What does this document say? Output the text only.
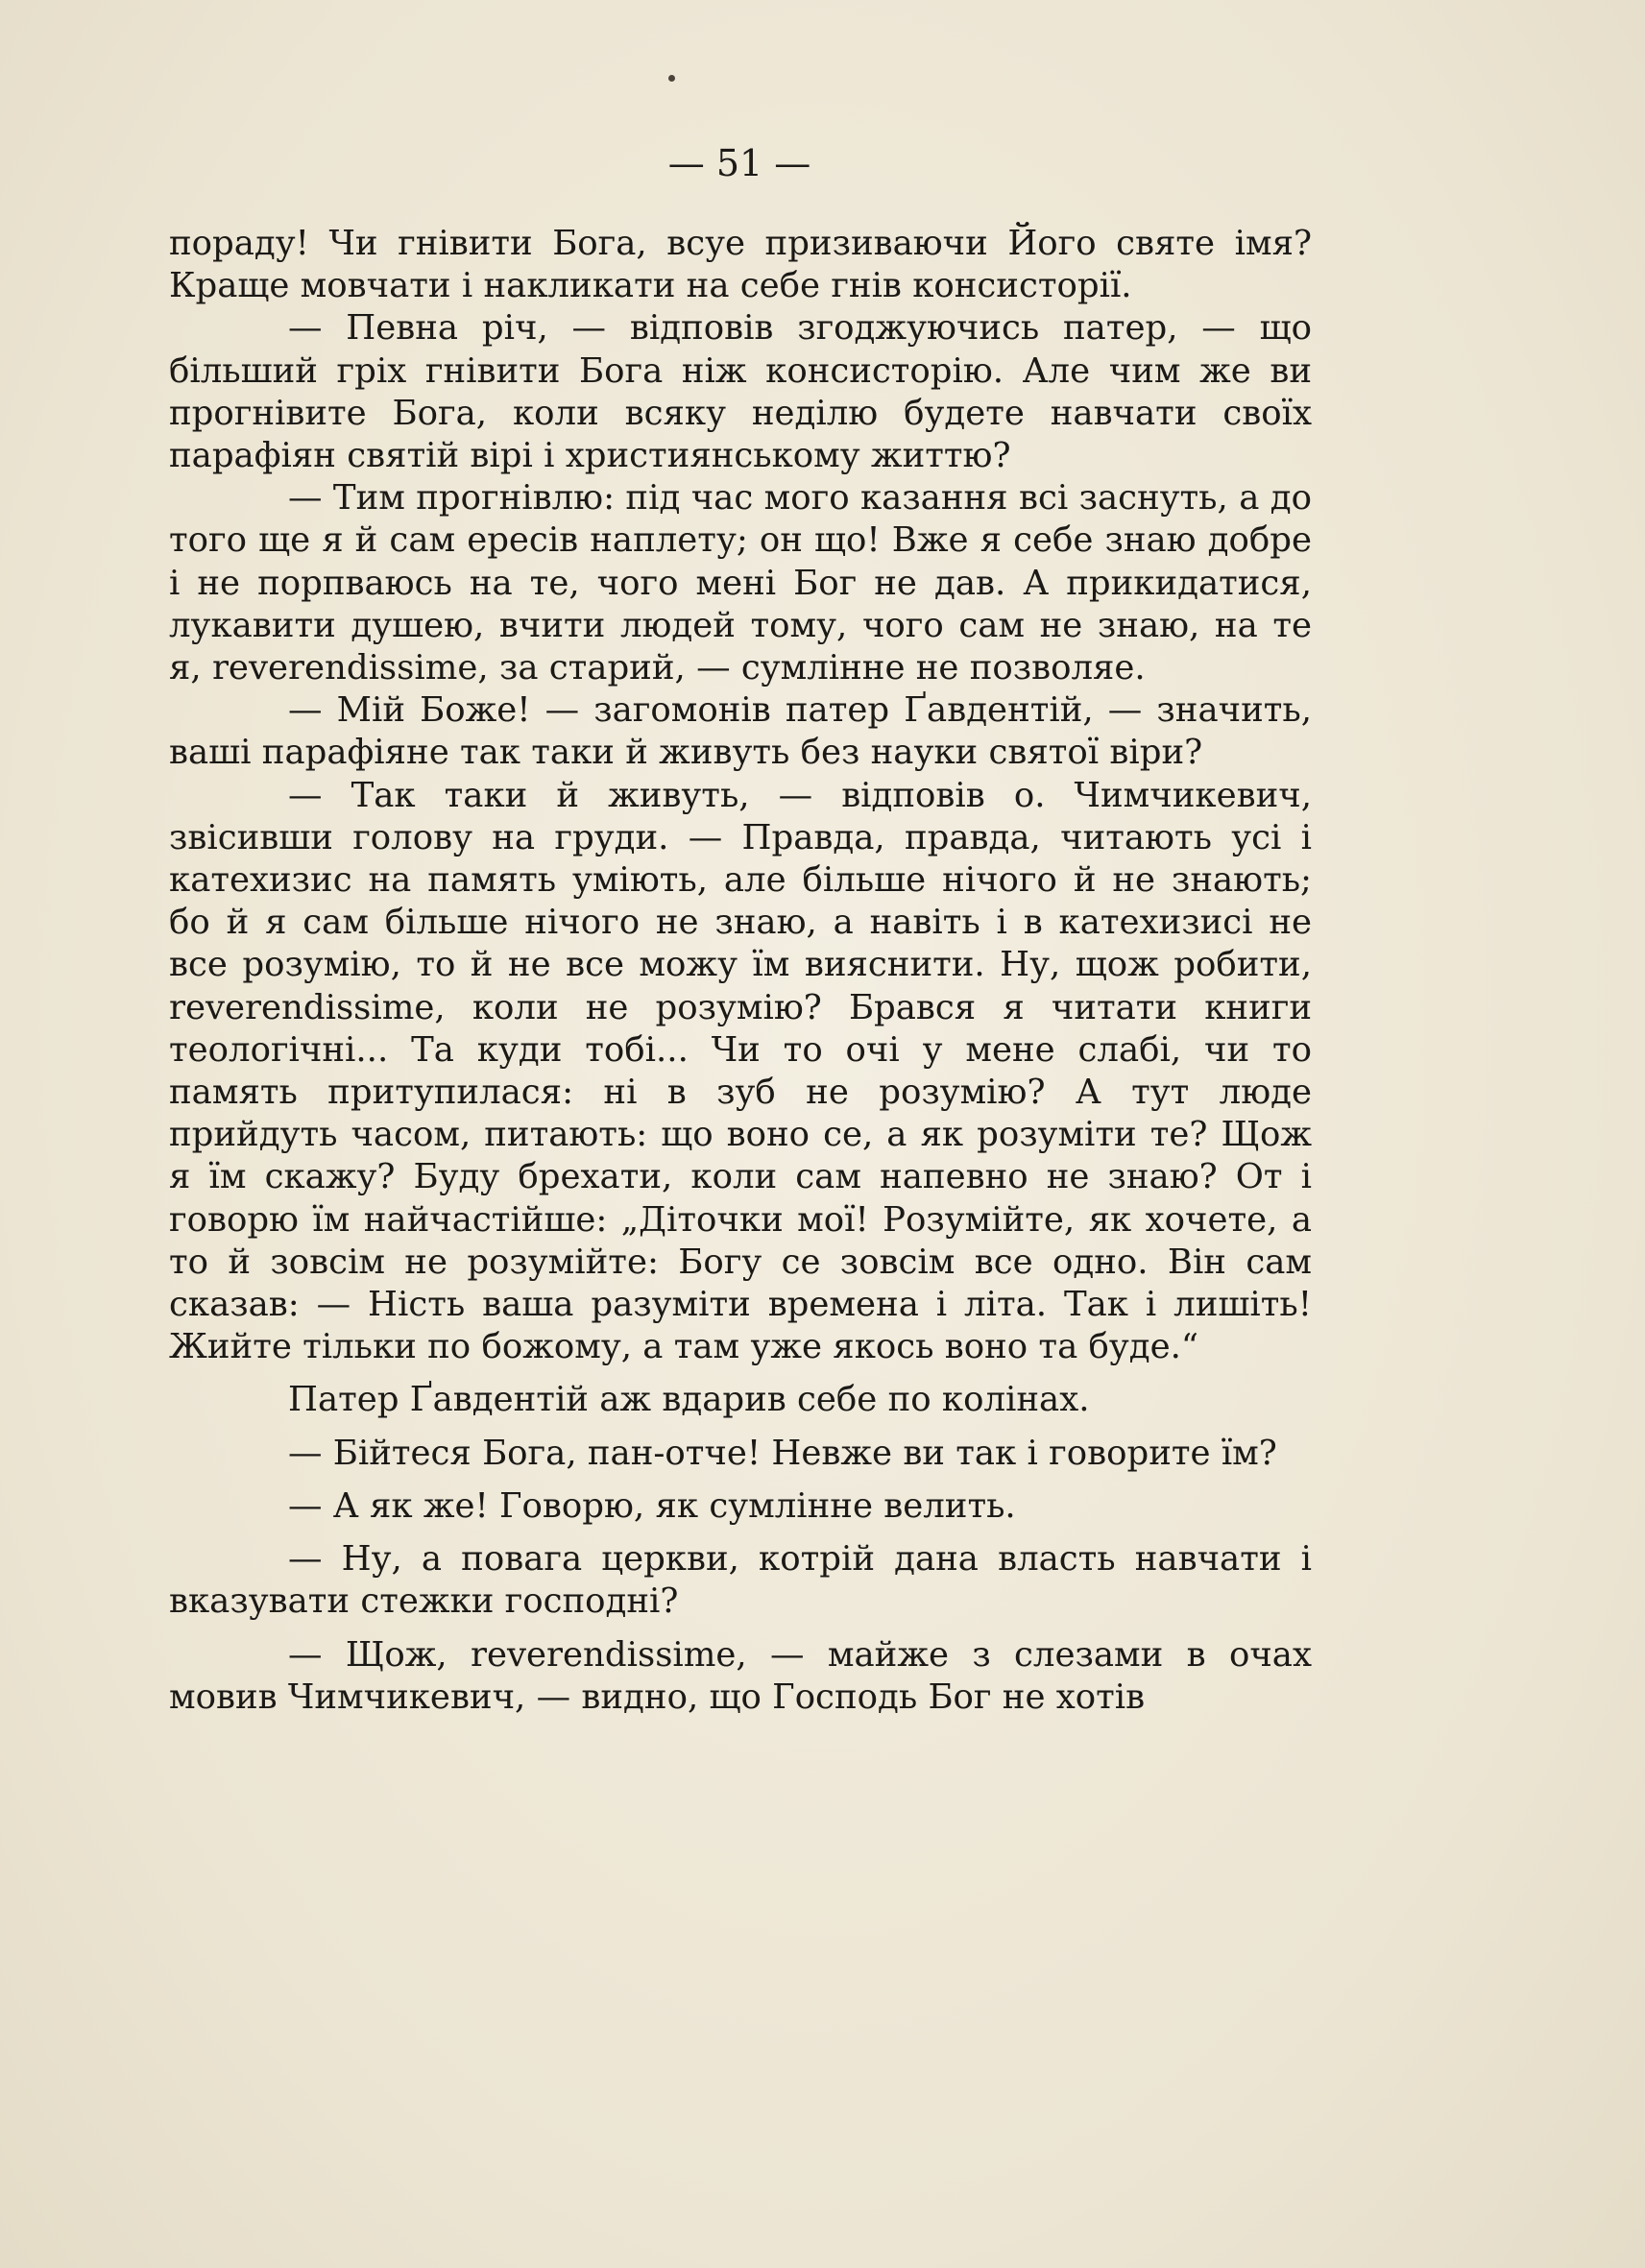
— 51 —

пораду! Чи гнівити Бога, всуе призиваючи Його святе імя? Краще мовчати і накликати на себе гнів консисторії.

— Певна річ, — відповів згоджуючись патер, — що більший гріх гнівити Бога ніж консисторію. Але чим же ви прогнівите Бога, коли всяку неділю будете навчати своїх парафіян святій вірі і християнському життю?

— Тим прогнівлю: під час мого казання всі заснуть, а до того ще я й сам ересів наплету; он що! Вже я себе знаю добре і не порпваюсь на те, чого мені Бог не дав. А прикидатися, лукавити душею, вчити людей тому, чого сам не знаю, на те я, reverendissime, за старий, — сумлінне не позволяе.

— Мій Боже! — загомонів патер Ґавдентій, — значить, ваші парафіяне так таки й живуть без науки святої віри?

— Так таки й живуть, — відповів о. Чимчикевич, звісивши голову на груди. — Правда, правда, читають усі і катехизис на память уміють, але більше нічого й не знають; бо й я сам більше нічого не знаю, а навіть і в катехизисі не все розумію, то й не все можу їм вияснити. Ну, щож робити, reverendissime, коли не розумію? Брався я читати книги теологічні... Та куди тобі... Чи то очі у мене слабі, чи то память притупилася: ні в зуб не розумію? А тут люде прийдуть часом, питають: що воно се, а як розуміти те? Щож я їм скажу? Буду брехати, коли сам напевно не знаю? От і говорю їм найчастійше: „Діточки мої! Розумійте, як хочете, а то й зовсім не розумійте: Богу се зовсім все одно. Він сам сказав: — Ність ваша разуміти времена і літа. Так і лишіть! Жийте тільки по божому, а там уже якось воно та буде.“

Патер Ґавдентій аж вдарив себе по колінах.

— Бійтеся Бога, пан-отче! Невже ви так і говорите їм?

— А як же! Говорю, як сумлінне велить.

— Ну, а повага церкви, котрій дана власть навчати і вказувати стежки господні?

— Щож, reverendissime, — майже з слезами в очах мовив Чимчикевич, — видно, що Господь Бог не хотів
